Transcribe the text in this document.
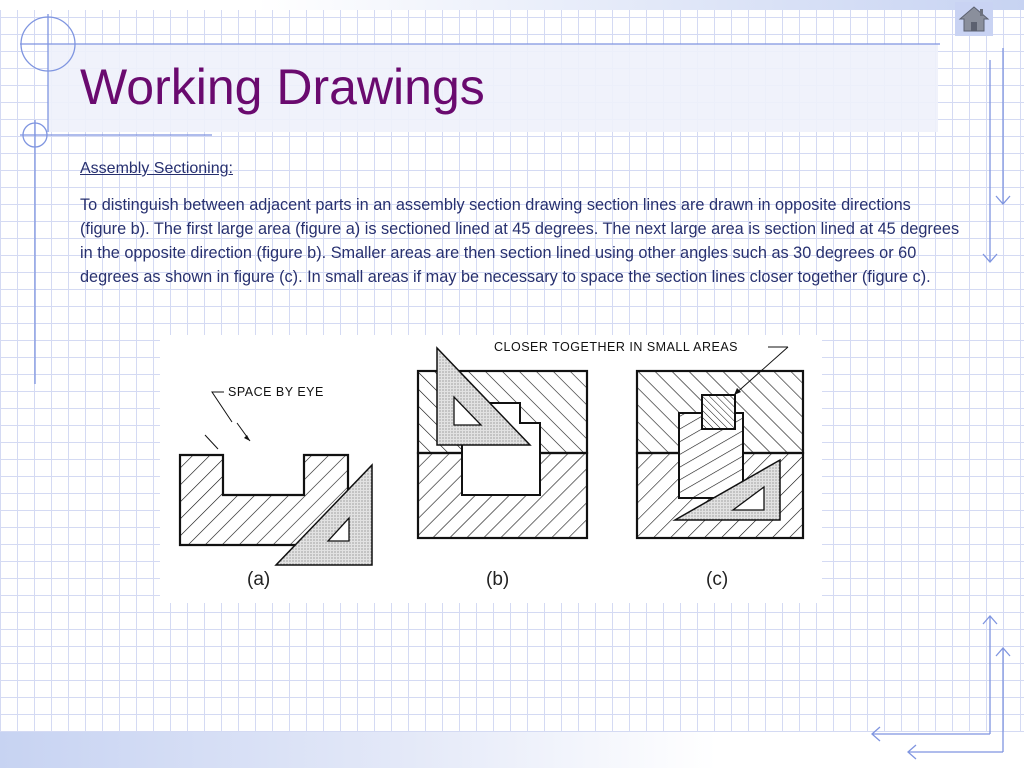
Working Drawings

Assembly Sectioning:

To distinguish between adjacent parts in an assembly section drawing section lines are drawn in opposite directions (figure b). The first large area (figure a) is sectioned lined at 45 degrees. The next large area is section lined at 45 degrees in the opposite direction (figure b). Smaller areas are then section lined using other angles such as 30 degrees or 60 degrees as shown in figure (c). In small areas if may be necessary to space the section lines closer together (figure c).

SPACE BY EYE
(a)	(b)
CLOSER TOGETHER IN SMALL AREAS
(c)
